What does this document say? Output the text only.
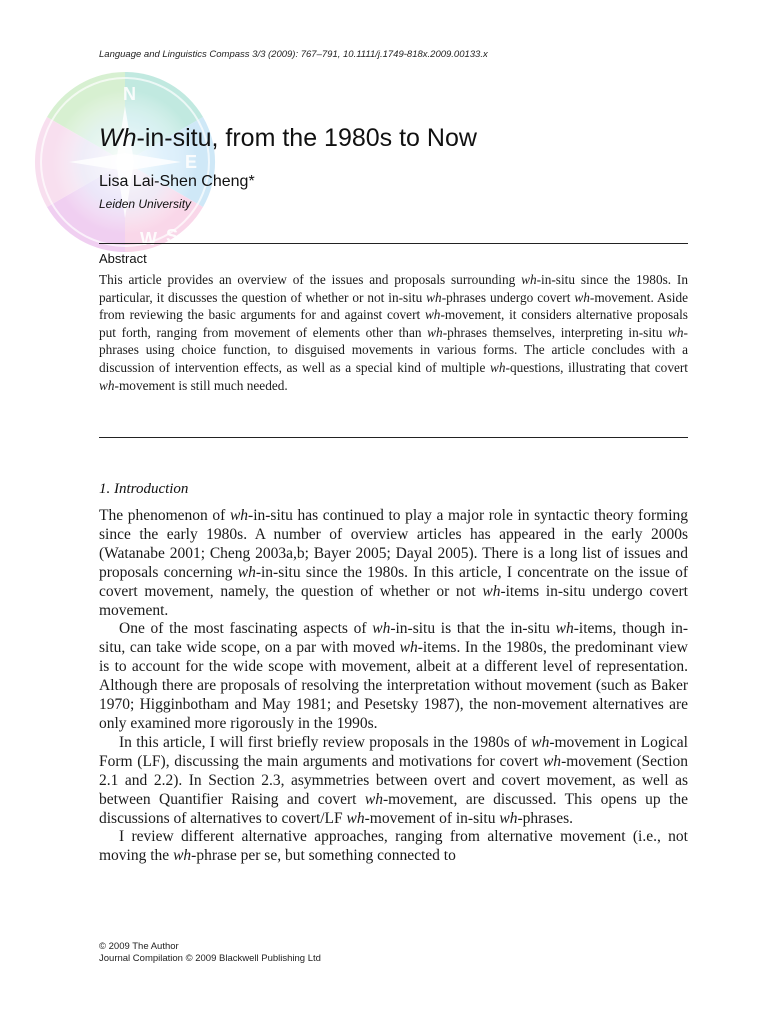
Language and Linguistics Compass 3/3 (2009): 767–791, 10.1111/j.1749-818x.2009.00133.x
N
E
W S
Wh-in-situ, from the 1980s to Now
Lisa Lai-Shen Cheng*
Leiden University
Abstract

This article provides an overview of the issues and proposals surrounding wh-in-situ since the 1980s. In particular, it discusses the question of whether or not in-situ wh-phrases undergo covert wh-movement. Aside from reviewing the basic arguments for and against covert wh-movement, it considers alternative proposals put forth, ranging from movement of elements other than wh-phrases themselves, interpreting in-situ wh-phrases using choice function, to disguised movements in various forms. The article concludes with a discussion of intervention effects, as well as a special kind of multiple wh-questions, illustrating that covert wh-movement is still much needed.

1. Introduction

The phenomenon of wh-in-situ has continued to play a major role in syntactic theory forming since the early 1980s. A number of overview articles has appeared in the early 2000s (Watanabe 2001; Cheng 2003a,b; Bayer 2005; Dayal 2005). There is a long list of issues and proposals concerning wh-in-situ since the 1980s. In this article, I concentrate on the issue of covert movement, namely, the question of whether or not wh-items in-situ undergo covert movement.

One of the most fascinating aspects of wh-in-situ is that the in-situ wh-items, though in-situ, can take wide scope, on a par with moved wh-items. In the 1980s, the predominant view is to account for the wide scope with movement, albeit at a different level of representation. Although there are proposals of resolving the interpretation without movement (such as Baker 1970; Higginbotham and May 1981; and Pesetsky 1987), the non-movement alternatives are only examined more rigorously in the 1990s.

In this article, I will first briefly review proposals in the 1980s of wh-movement in Logical Form (LF), discussing the main arguments and motivations for covert wh-movement (Section 2.1 and 2.2). In Section 2.3, asymmetries between overt and covert movement, as well as between Quantifier Raising and covert wh-movement, are discussed. This opens up the discussions of alternatives to covert/LF wh-movement of in-situ wh-phrases.

I review different alternative approaches, ranging from alternative movement (i.e., not moving the wh-phrase per se, but something connected to

© 2009 The Author
Journal Compilation © 2009 Blackwell Publishing Ltd
